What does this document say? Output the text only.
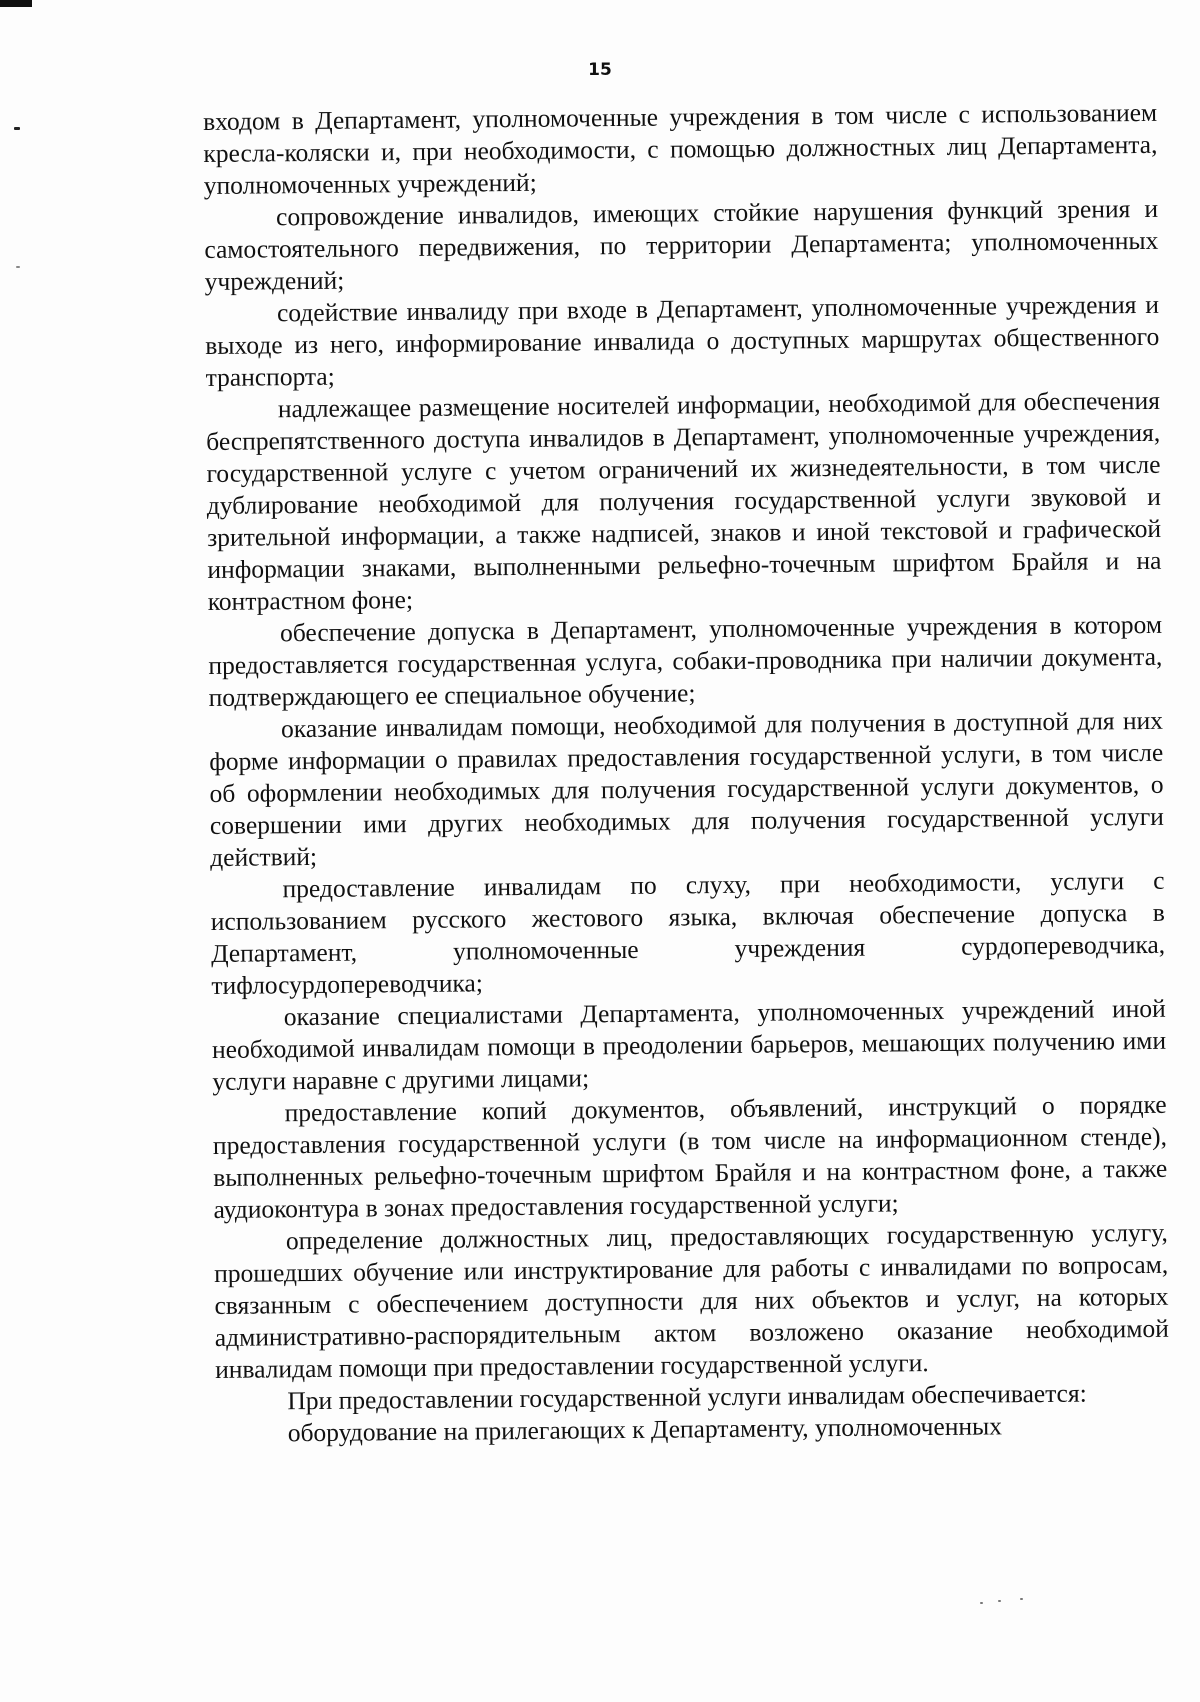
15

входом в Департамент, уполномоченные учреждения в том числе с использованием кресла-коляски и, при необходимости, с помощью должностных лиц Департамента, уполномоченных учреждений;

сопровождение инвалидов, имеющих стойкие нарушения функций зрения и самостоятельного передвижения, по территории Департамента; уполномоченных учреждений;

содействие инвалиду при входе в Департамент, уполномоченные учреждения и выходе из него, информирование инвалида о доступных маршрутах общественного транспорта;

надлежащее размещение носителей информации, необходимой для обеспечения беспрепятственного доступа инвалидов в Департамент, уполномоченные учреждения, государственной услуге с учетом ограничений их жизнедеятельности, в том числе дублирование необходимой для получения государственной услуги звуковой и зрительной информации, а также надписей, знаков и иной текстовой и графической информации знаками, выполненными рельефно-точечным шрифтом Брайля и на контрастном фоне;

обеспечение допуска в Департамент, уполномоченные учреждения в котором предоставляется государственная услуга, собаки-проводника при наличии документа, подтверждающего ее специальное обучение;

оказание инвалидам помощи, необходимой для получения в доступной для них форме информации о правилах предоставления государственной услуги, в том числе об оформлении необходимых для получения государственной услуги документов, о совершении ими других необходимых для получения государственной услуги действий;

предоставление инвалидам по слуху, при необходимости, услуги с использованием русского жестового языка, включая обеспечение допуска в Департамент, уполномоченные учреждения сурдопереводчика, тифлосурдопереводчика;

оказание специалистами Департамента, уполномоченных учреждений иной необходимой инвалидам помощи в преодолении барьеров, мешающих получению ими услуги наравне с другими лицами;

предоставление копий документов, объявлений, инструкций о порядке предоставления государственной услуги (в том числе на информационном стенде), выполненных рельефно-точечным шрифтом Брайля и на контрастном фоне, а также аудиоконтура в зонах предоставления государственной услуги;

определение должностных лиц, предоставляющих государственную услугу, прошедших обучение или инструктирование для работы с инвалидами по вопросам, связанным с обеспечением доступности для них объектов и услуг, на которых административно-распорядительным актом возложено оказание необходимой инвалидам помощи при предоставлении государственной услуги.

При предоставлении государственной услуги инвалидам обеспечивается:

оборудование на прилегающих к Департаменту, уполномоченных
